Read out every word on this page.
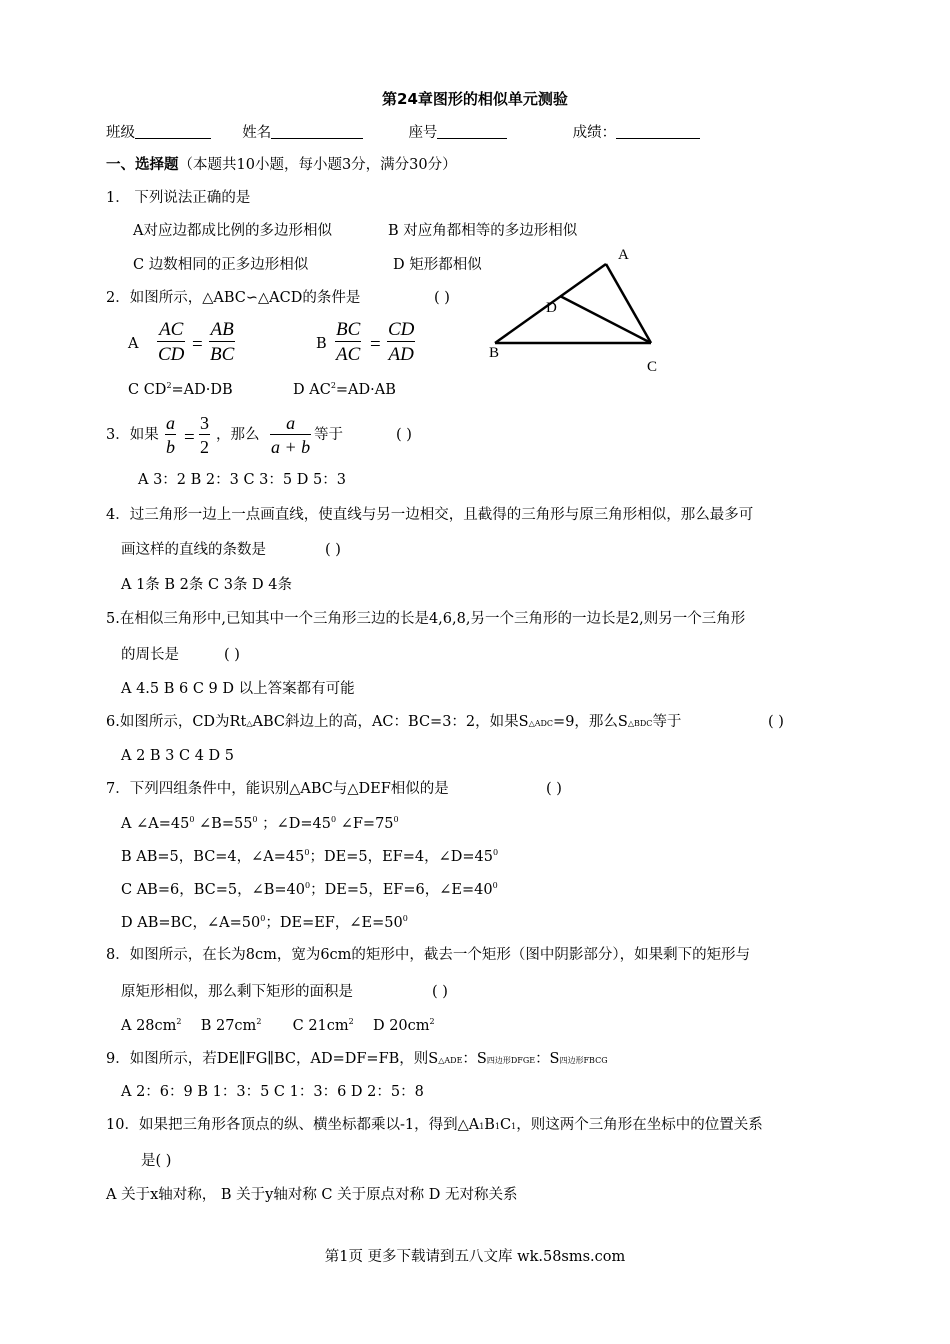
第24章图形的相似单元测验
班级	姓名	座号	成绩：
一、选择题（本题共10小题，每小题3分，满分30分）
1． 下列说法正确的是
A对应边都成比例的多边形相似	B 对应角都相等的多边形相似
C 边数相同的正多边形相似	D 矩形都相似
2．如图所示，△ABC∽△ACD的条件是	( )
A
D
B
C
A $\frac{AC}{CD} = \frac{AB}{BC}$	B $\frac{BC}{AC} = \frac{CD}{AD}$
C $CD^2=AD\cdot DB$	D $AC^2=AD\cdot AB$
3．如果 $\frac{a}{b} = \frac{3}{2}$ ，那么 $\frac{a}{a + b}$ 等于	( )
A 3：2 B 2：3 C 3：5 D 5：3
4．过三角形一边上一点画直线，使直线与另一边相交，且截得的三角形与原三角形相似，那么最多可
画这样的直线的条数是	( )
A 1条 B 2条 C 3条 D 4条
5.在相似三角形中,已知其中一个三角形三边的长是4,6,8,另一个三角形的一边长是2,则另一个三角形
的周长是	( )
A 4.5 B 6 C 9 D 以上答案都有可能
6.如图所示，CD为Rt△ABC斜边上的高，AC：BC=3：2，如果S△ADC=9，那么S△BDC等于	( )
A 2 B 3 C 4 D 5
7．下列四组条件中，能识别△ABC与△DEF相似的是	( )
A $\angle A=45^0$ $\angle B=55^0$ ；$\angle D=45^0$ $\angle F=75^0$
B AB=5，BC=4，$\angle A=45^0$；DE=5，EF=4，$\angle D=45^0$
C AB=6，BC=5，$\angle B=40^0$；DE=5，EF=6，$\angle E=40^0$
D AB=BC，$\angle A=50^0$；DE=EF，$\angle E=50^0$
8．如图所示，在长为8cm，宽为6cm的矩形中，截去一个矩形（图中阴影部分），如果剩下的矩形与
原矩形相似，那么剩下矩形的面积是	( )
A $28cm^2$ B $27cm^2$ C $21cm^2$ D $20cm^2$
9．如图所示，若DE∥FG∥BC，AD=DF=FB，则S△ADE：S四边形DFGE：S四边形FBCG
A 2：6：9 B 1：3：5 C 1：3：6 D 2：5：8
10．如果把三角形各顶点的纵、横坐标都乘以-1，得到△A1B1C1，则这两个三角形在坐标中的位置关系
是( )
A 关于x轴对称， B 关于y轴对称 C 关于原点对称 D 无对称关系
第1页 更多下载请到五八文库 wk.58sms.com
